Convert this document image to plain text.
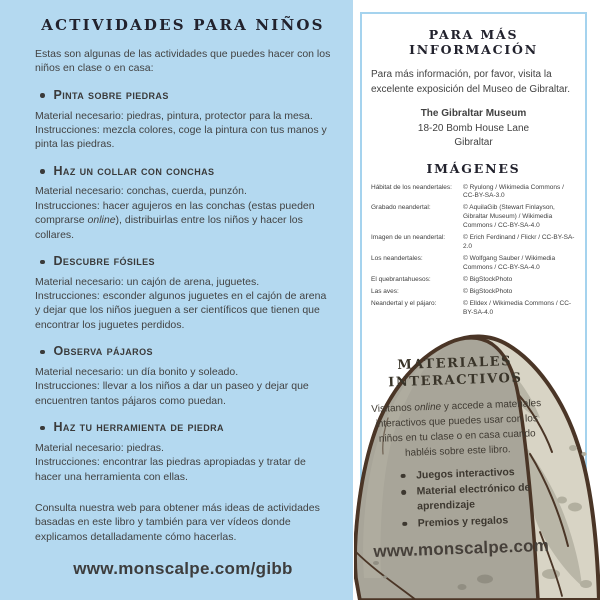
ACTIVIDADES PARA NIÑOS
Estas son algunas de las actividades que puedes hacer con los niños en clase o en casa:
Pinta sobre piedras
Material necesario: piedras, pintura, protector para la mesa.
Instrucciones: mezcla colores, coge la pintura con tus manos y pinta las piedras.
Haz un collar con conchas
Material necesario: conchas, cuerda, punzón.
Instrucciones: hacer agujeros en las conchas (estas pueden comprarse online), distribuirlas entre los niños y hacer los collares.
Descubre fósiles
Material necesario: un cajón de arena, juguetes.
Instrucciones: esconder algunos juguetes en el cajón de arena y dejar que los niños jueguen a ser científicos que tienen que encontrar los juguetes perdidos.
Observa pájaros
Material necesario: un día bonito y soleado.
Instrucciones: llevar a los niños a dar un paseo y dejar que encuentren tantos pájaros como puedan.
Haz tu herramienta de piedra
Material necesario: piedras.
Instrucciones: encontrar las piedras apropiadas y tratar de hacer una herramienta con ellas.
Consulta nuestra web para obtener más ideas de actividades basadas en este libro y también para ver vídeos donde explicamos detalladamente cómo hacerlas.
www.monscalpe.com/gibb
PARA MÁS INFORMACIÓN
Para más información, por favor, visita la excelente exposición del Museo de Gibraltar.
The Gibraltar Museum
18-20 Bomb House Lane
Gibraltar
IMÁGENES
Hábitat de los neandertales:	© Ryulong / Wikimedia Commons / CC-BY-SA-3.0
Grabado neandertal:	© AquilaGib (Stewart Finlayson, Gibraltar Museum) / Wikimedia Commons / CC-BY-SA-4.0
Imagen de un neandertal:	© Erich Ferdinand / Flickr / CC-BY-SA-2.0
Los neandertales:	© Wolfgang Sauber / Wikimedia Commons / CC-BY-SA-4.0
El quebrantahuesos:	© BigStockPhoto
Las aves:	© BigStockPhoto
Neandertal y el pájaro:	© Elldex / Wikimedia Commons / CC-BY-SA-4.0
MATERIALES INTERACTIVOS
Visitanos online y accede a materiales interactivos que puedes usar con los niños en tu clase o en casa cuando habléis sobre este libro.
Juegos interactivos
Material electrónico de aprendizaje
Premios y regalos
www.monscalpe.com
